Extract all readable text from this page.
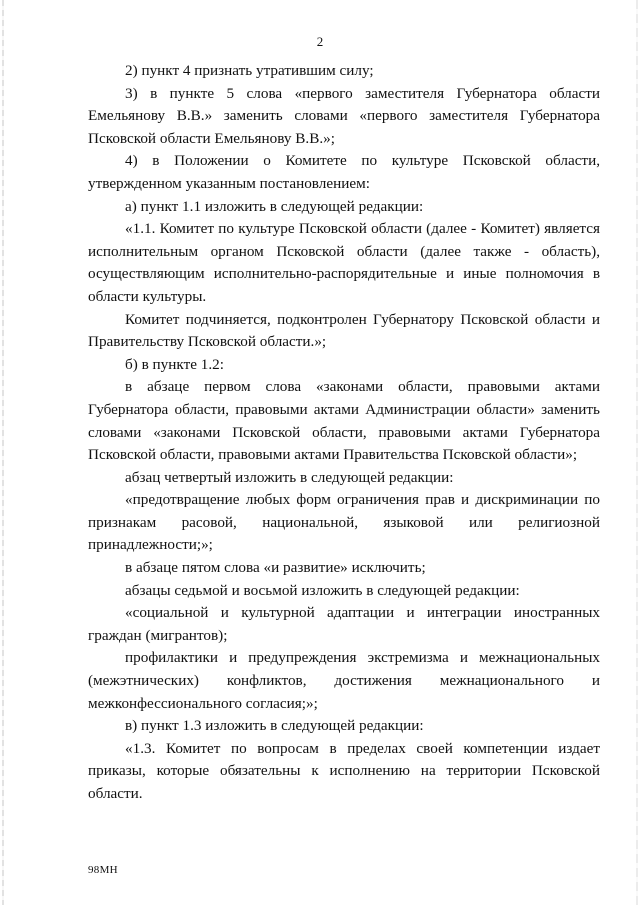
2

2) пункт 4 признать утратившим силу;

3) в пункте 5 слова «первого заместителя Губернатора области Емельянову В.В.» заменить словами «первого заместителя Губернатора Псковской области Емельянову В.В.»;

4) в Положении о Комитете по культуре Псковской области, утвержденном указанным постановлением:

а) пункт 1.1 изложить в следующей редакции:

«1.1. Комитет по культуре Псковской области (далее - Комитет) является исполнительным органом Псковской области (далее также - область), осуществляющим исполнительно-распорядительные и иные полномочия в области культуры.

Комитет подчиняется, подконтролен Губернатору Псковской области и Правительству Псковской области.»;

б) в пункте 1.2:

в абзаце первом слова «законами области, правовыми актами Губернатора области, правовыми актами Администрации области» заменить словами «законами Псковской области, правовыми актами Губернатора Псковской области, правовыми актами Правительства Псковской области»;

абзац четвертый изложить в следующей редакции:

«предотвращение любых форм ограничения прав и дискриминации по признакам расовой, национальной, языковой или религиозной принадлежности;»;

в абзаце пятом слова «и развитие» исключить;

абзацы седьмой и восьмой изложить в следующей редакции:

«социальной и культурной адаптации и интеграции иностранных граждан (мигрантов);

профилактики и предупреждения экстремизма и межнациональных (межэтнических) конфликтов, достижения межнационального и межконфессионального согласия;»;

в) пункт 1.3 изложить в следующей редакции:

«1.3. Комитет по вопросам в пределах своей компетенции издает приказы, которые обязательны к исполнению на территории Псковской области.

98МН
